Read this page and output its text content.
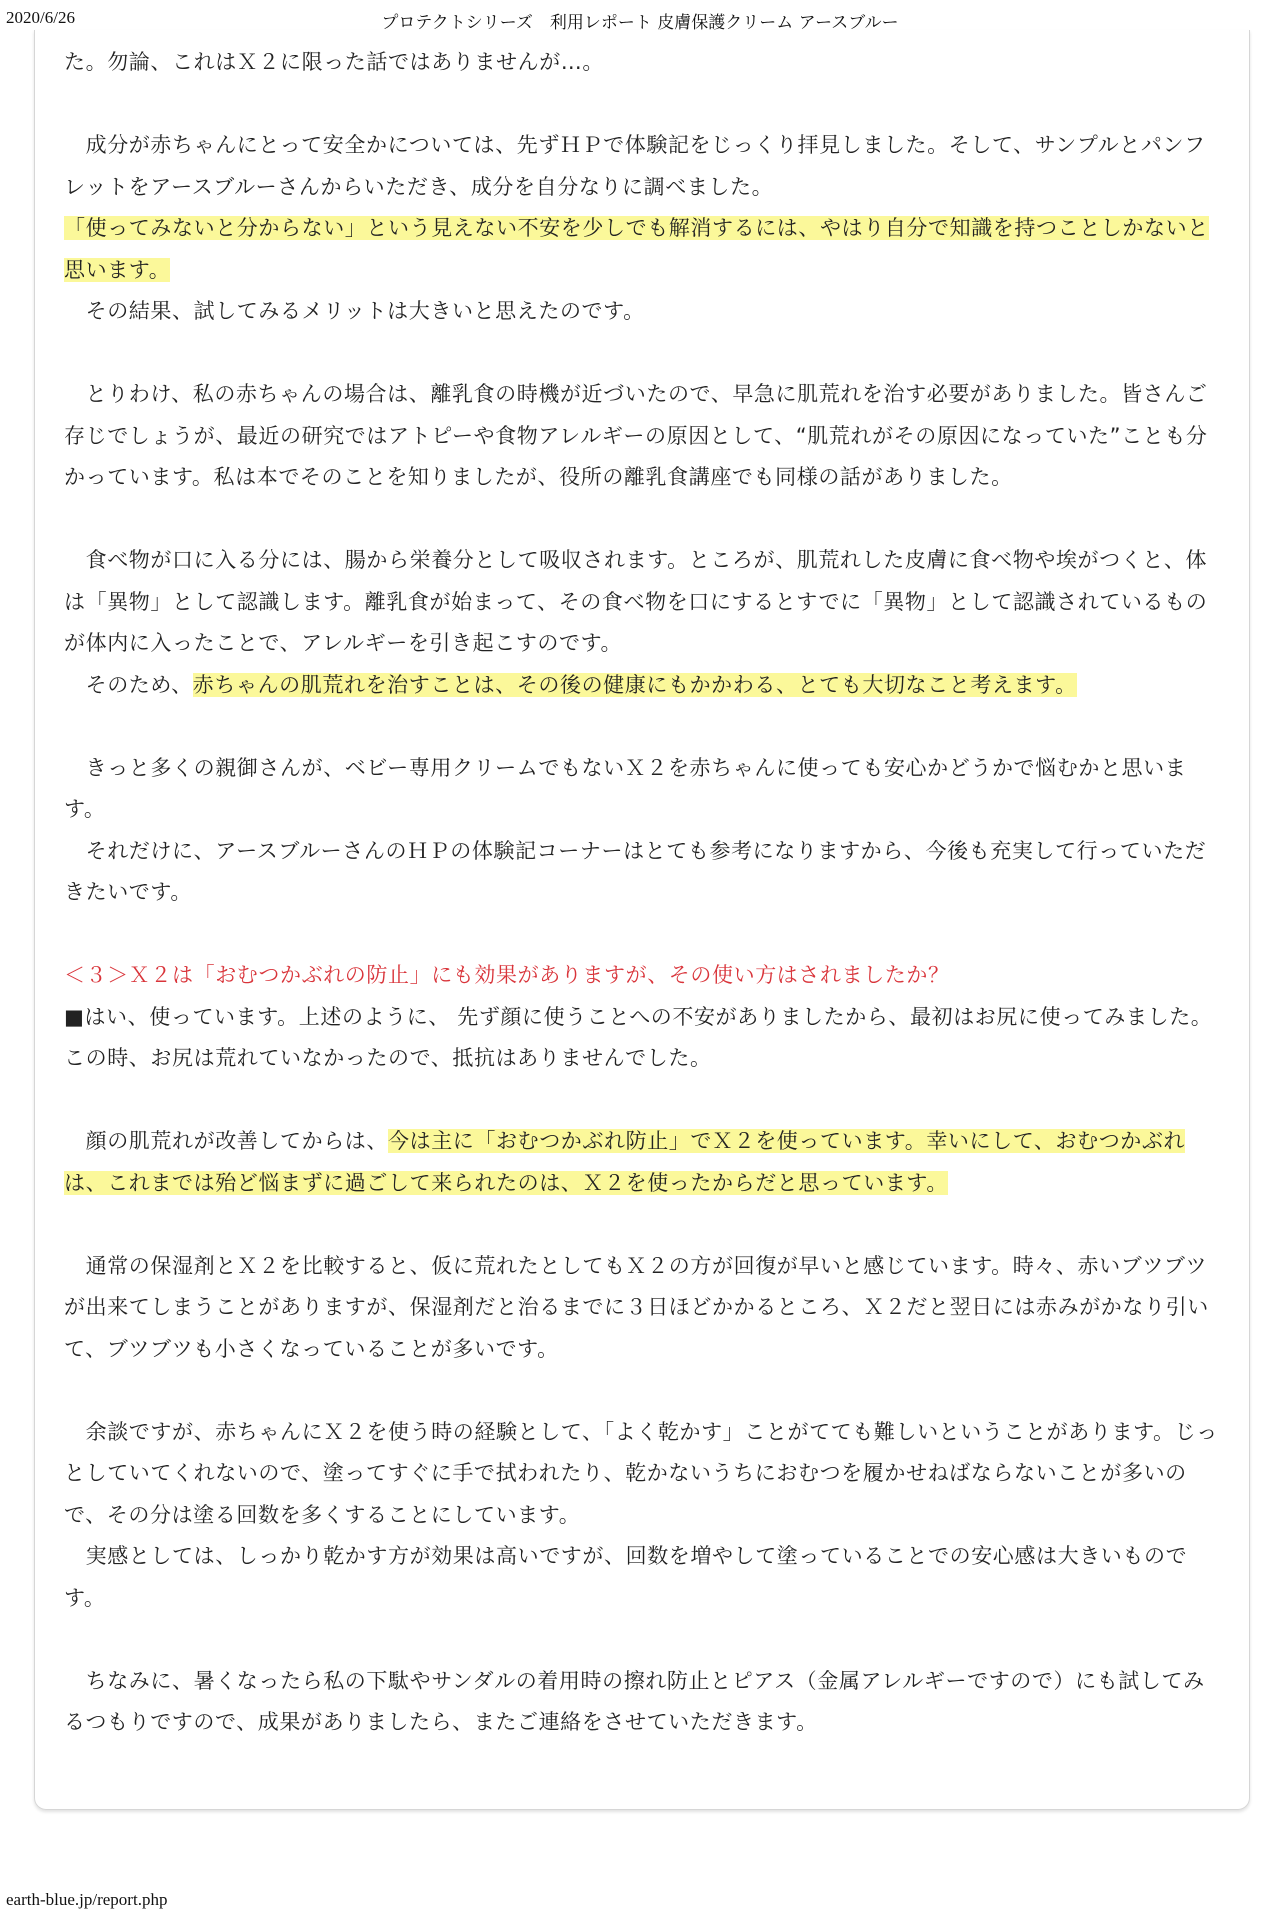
2020/6/26	プロテクトシリーズ　利用レポート 皮膚保護クリーム アースブルー

た。勿論、これはＸ２に限った話ではありませんが…。

　成分が赤ちゃんにとって安全かについては、先ずＨＰで体験記をじっくり拝見しました。そして、サンプルとパンフレットをアースブルーさんからいただき、成分を自分なりに調べました。

「使ってみないと分からない」という見えない不安を少しでも解消するには、やはり自分で知識を持つことしかないと思います。

　その結果、試してみるメリットは大きいと思えたのです。

　とりわけ、私の赤ちゃんの場合は、離乳食の時機が近づいたので、早急に肌荒れを治す必要がありました。皆さんご存じでしょうが、最近の研究ではアトピーや食物アレルギーの原因として、“肌荒れがその原因になっていた”ことも分かっています。私は本でそのことを知りましたが、役所の離乳食講座でも同様の話がありました。

　食べ物が口に入る分には、腸から栄養分として吸収されます。ところが、肌荒れした皮膚に食べ物や埃がつくと、体は「異物」として認識します。離乳食が始まって、その食べ物を口にするとすでに「異物」として認識されているものが体内に入ったことで、アレルギーを引き起こすのです。

　そのため、赤ちゃんの肌荒れを治すことは、その後の健康にもかかわる、とても大切なこと考えます。

　きっと多くの親御さんが、ベビー専用クリームでもないＸ２を赤ちゃんに使っても安心かどうかで悩むかと思います。

　それだけに、アースブルーさんのＨＰの体験記コーナーはとても参考になりますから、今後も充実して行っていただきたいです。

＜３＞Ｘ２は「おむつかぶれの防止」にも効果がありますが、その使い方はされましたか？

■はい、使っています。上述のように、 先ず顔に使うことへの不安がありましたから、最初はお尻に使ってみました。この時、お尻は荒れていなかったので、抵抗はありませんでした。

　顔の肌荒れが改善してからは、今は主に「おむつかぶれ防止」でＸ２を使っています。幸いにして、おむつかぶれは、これまでは殆ど悩まずに過ごして来られたのは、Ｘ２を使ったからだと思っています。

　通常の保湿剤とＸ２を比較すると、仮に荒れたとしてもＸ２の方が回復が早いと感じています。時々、赤いブツブツが出来てしまうことがありますが、保湿剤だと治るまでに３日ほどかかるところ、Ｘ２だと翌日には赤みがかなり引いて、ブツブツも小さくなっていることが多いです。

　余談ですが、赤ちゃんにＸ２を使う時の経験として、「よく乾かす」ことがてても難しいということがあります。じっとしていてくれないので、塗ってすぐに手で拭われたり、乾かないうちにおむつを履かせねばならないことが多いので、その分は塗る回数を多くすることにしています。

　実感としては、しっかり乾かす方が効果は高いですが、回数を増やして塗っていることでの安心感は大きいものです。

　ちなみに、暑くなったら私の下駄やサンダルの着用時の擦れ防止とピアス（金属アレルギーですので）にも試してみるつもりですので、成果がありましたら、またご連絡をさせていただきます。

earth-blue.jp/report.php
